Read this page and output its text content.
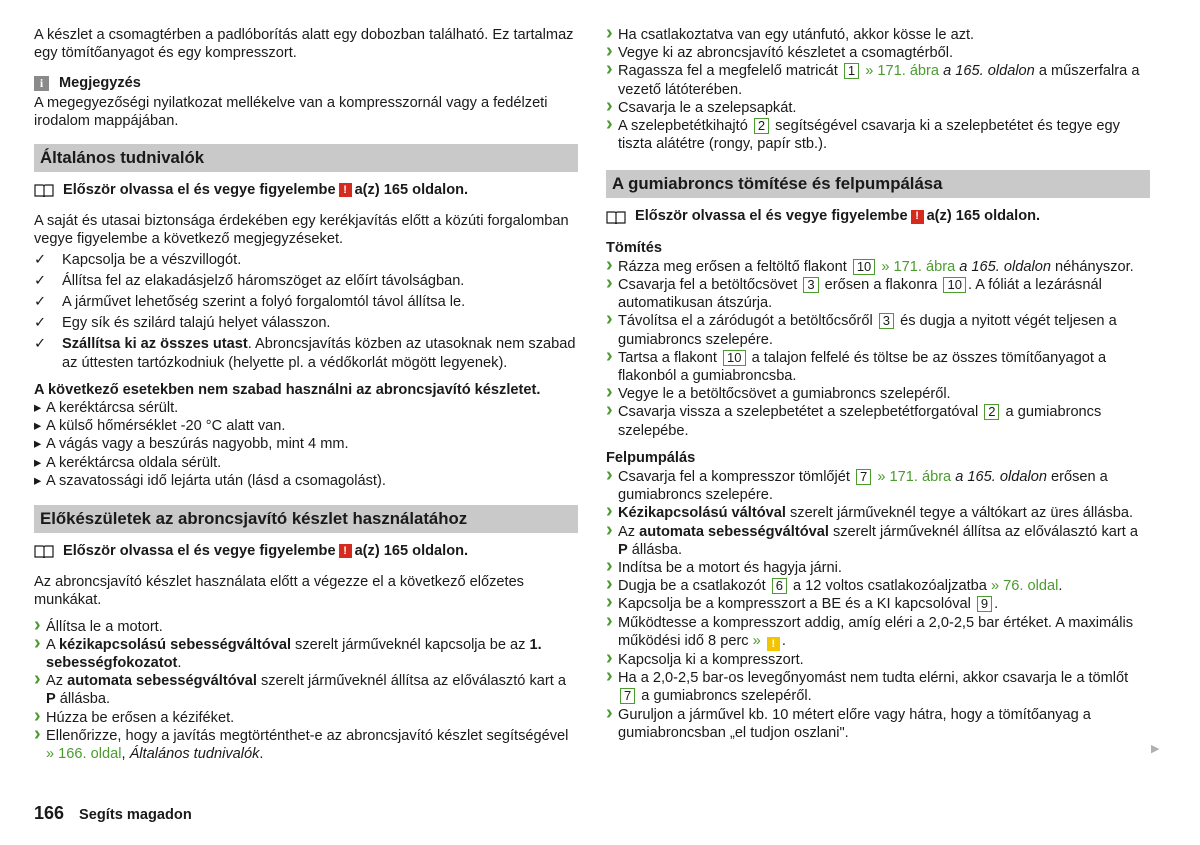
A készlet a csomagtérben a padlóborítás alatt egy dobozban található. Ez tartalmaz egy tömítőanyagot és egy kompresszort.

i	Megjegyzés

A megegyezőségi nyilatkozat mellékelve van a kompresszornál vagy a fedélzeti irodalom mappájában.

Általános tudnivalók
Először olvassa el és vegye figyelembe ! a(z) 165 oldalon.

A saját és utasai biztonsága érdekében egy kerékjavítás előtt a közúti forgalomban vegye figyelembe a következő megjegyzéseket.

✓ Kapcsolja be a vészvillogót.
✓ Állítsa fel az elakadásjelző háromszöget az előírt távolságban.
✓ A járművet lehetőség szerint a folyó forgalomtól távol állítsa le.
✓ Egy sík és szilárd talajú helyet válasszon.
✓ Szállítsa ki az összes utast. Abroncsjavítás közben az utasoknak nem szabad az úttesten tartózkodniuk (helyette pl. a védőkorlát mögött legyenek).

A következő esetekben nem szabad használni az abroncsjavító készletet.

▸ A keréktárcsa sérült.
▸ A külső hőmérséklet -20 °C alatt van.
▸ A vágás vagy a beszúrás nagyobb, mint 4 mm.
▸ A keréktárcsa oldala sérült.
▸ A szavatossági idő lejárta után (lásd a csomagolást).
Előkészületek az abroncsjavító készlet használatához
Először olvassa el és vegye figyelembe ! a(z) 165 oldalon.

Az abroncsjavító készlet használata előtt a végezze el a következő előzetes munkákat.

› Állítsa le a motort.
› A kézikapcsolású sebességváltóval szerelt járműveknél kapcsolja be az 1. sebességfokozatot.
› Az automata sebességváltóval szerelt járműveknél állítsa az előválasztó kart a P állásba.
› Húzza be erősen a kéziféket.
› Ellenőrizze, hogy a javítás megtörténthet-e az abroncsjavító készlet segítségével » 166. oldal, Általános tudnivalók.
› Ha csatlakoztatva van egy utánfutó, akkor kösse le azt.
› Vegye ki az abroncsjavító készletet a csomagtérből.
› Ragassza fel a megfelelő matricát 1 » 171. ábra a 165. oldalon a műszerfalra a vezető látóterében.
› Csavarja le a szelepsapkát.
› A szelepbetétkihajtó 2 segítségével csavarja ki a szelepbetétet és tegye egy tiszta alátétre (rongy, papír stb.).
A gumiabroncs tömítése és felpumpálása
Először olvassa el és vegye figyelembe ! a(z) 165 oldalon.

Tömítés

› Rázza meg erősen a feltöltő flakont 10 » 171. ábra a 165. oldalon néhányszor.
› Csavarja fel a betöltőcsövet 3 erősen a flakonra 10 . A fóliát a lezárásnál automatikusan átszúrja.
› Távolítsa el a záródugót a betöltőcsőről 3 és dugja a nyitott végét teljesen a gumiabroncs szelepére.
› Tartsa a flakont 10 a talajon felfelé és töltse be az összes tömítőanyagot a flakonból a gumiabroncsba.
› Vegye le a betöltőcsövet a gumiabroncs szelepéről.
› Csavarja vissza a szelepbetétet a szelepbetétforgatóval 2 a gumiabroncs szelepébe.

Felpumpálás

› Csavarja fel a kompresszor tömlőjét 7 » 171. ábra a 165. oldalon erősen a gumiabroncs szelepére.
› Kézikapcsolású váltóval szerelt járműveknél tegye a váltókart az üres állásba.
› Az automata sebességváltóval szerelt járműveknél állítsa az előválasztó kart a P állásba.
› Indítsa be a motort és hagyja járni.
› Dugja be a csatlakozót 6 a 12 voltos csatlakozóaljzatba » 76. oldal.
› Kapcsolja be a kompresszort a BE és a KI kapcsolóval 9 .
› Működtesse a kompresszort addig, amíg eléri a 2,0-2,5 bar értéket. A maximális működési idő 8 perc » ! .
› Kapcsolja ki a kompresszort.
› Ha a 2,0-2,5 bar-os levegőnyomást nem tudta elérni, akkor csavarja le a tömlőt 7 a gumiabroncs szelepéről.
› Guruljon a járművel kb. 10 métert előre vagy hátra, hogy a tömítőanyag a gumiabroncsban „el tudjon oszlani".
▶
166 Segíts magadon
